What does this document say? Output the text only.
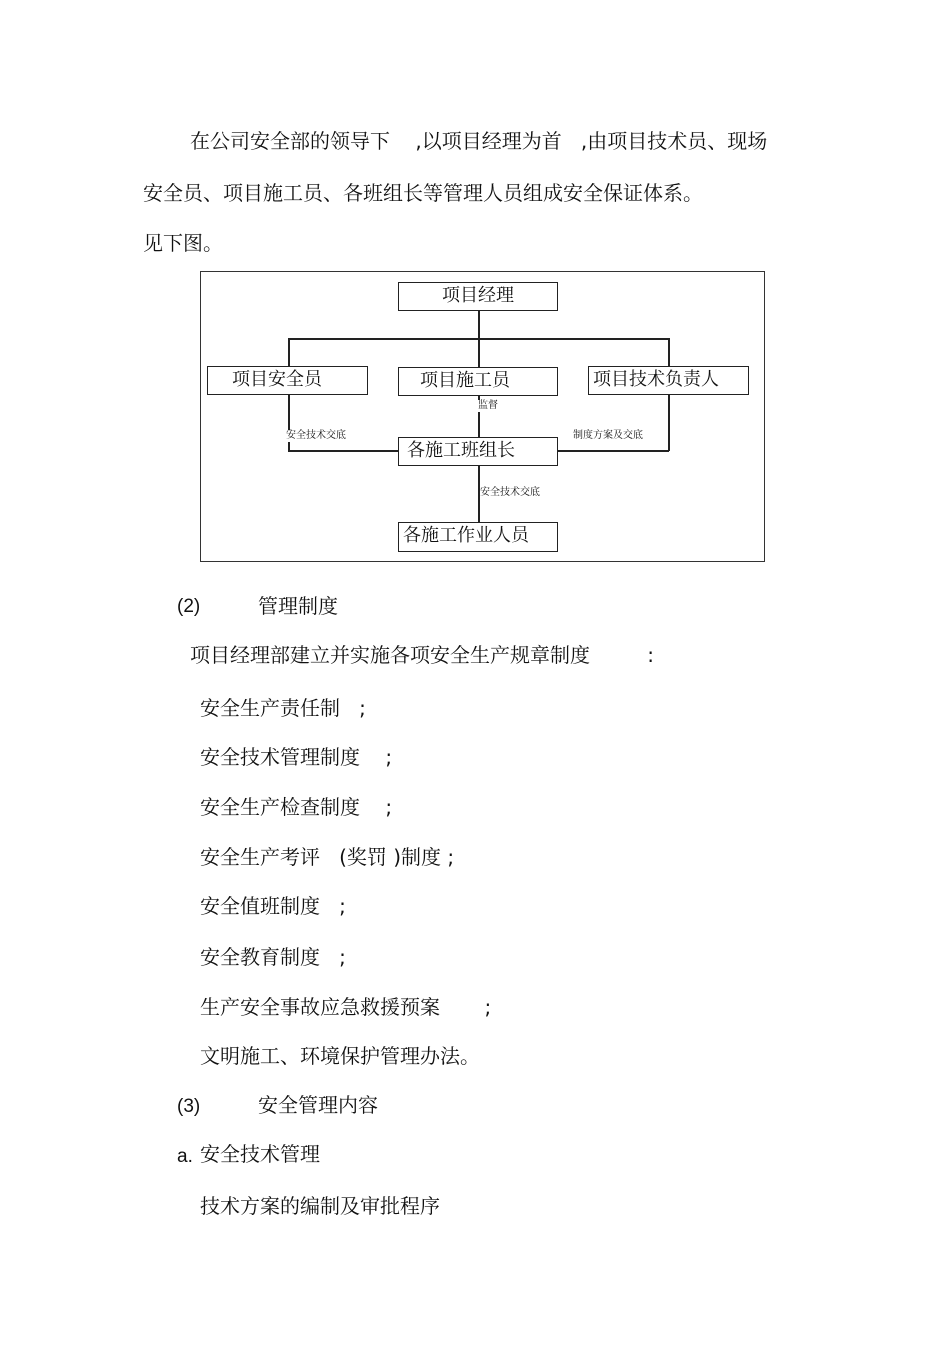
在公司安全部的领导下    ,以项目经理为首   ,由项目技术员、现场
安全员、项目施工员、各班组长等管理人员组成安全保证体系。
见下图。
项目经理
项目安全员	项目施工员	项目技术负责人
各施工班组长
各施工作业人员
监督
安全技术交底	制度方案及交底
安全技术交底
(2)	管理制度
项目经理部建立并实施各项安全生产规章制度         :
安全生产责任制   ;
安全技术管理制度    ;
安全生产检查制度    ;
安全生产考评   (奖罚 )制度 ;
安全值班制度   ;
安全教育制度   ;
生产安全事故应急救援预案       ;
文明施工、环境保护管理办法。
(3)	安全管理内容
a. 安全技术管理
技术方案的编制及审批程序
